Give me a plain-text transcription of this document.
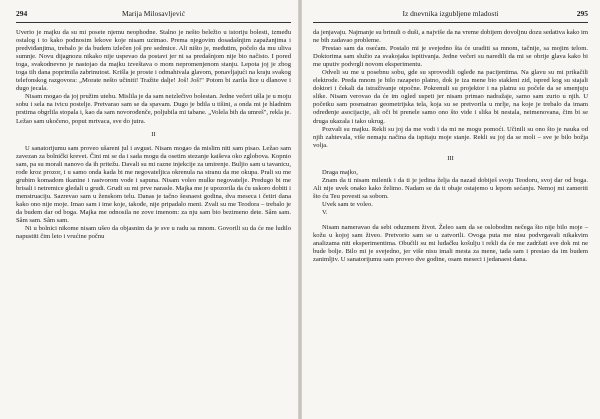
294	Marija Milosavljević

Uverio je majku da su mi posete njemu neophodne. Stalno je nešto beležio u istoriju bolesti, između ostalog i to kako podnosim lekove koje nisam uzimao. Prema njegovim dosadašnjim zapažanjima i predviđanjima, trebalo je da budem izlečen još pre sedmice. Ali ništo je, međutim, počelo da mu uliva sumnje. Novu dijagnozu nikako nije uspevao da postavi jer ni sa predašnjom nije bio načisto. I pored toga, svakodnevno je nastojao da majku izveštava o mom nepromenjenom stanju. Lepota joj je zbog toga tih dana poprimila zabrinutost. Krišla je proste i odmahivala glavom, ponavljajući na kraju svakog telefonskog razgovora: „Morate nešto učiniti! Tražite dalje! Još! Još!" Potom bi zarila lice u dlanove i dugo jecala.

Nisam mogao da joj pružim utehu. Mislila je da sam neizlečivo bolestan. Jedne večeri ušla je u moju sobu i sela na ivicu postelje. Pretvarao sam se da spavam. Dugo je bdila u tišini, a onda mi je hladnim prstima obgrlila stopala i, kao da sam novorođenče, poljubila mi tabane. „Volela bih da umreš", rekla je. Ležao sam ukočeno, poput mrtvaca, sve do jutra.

II

U sanatorijumu sam proveo ušareni jul i avgust. Nisam mogao da mislim niti sam pisao. Ležao sam zavezan za bolnički krevet. Čini mi se da i sada mogu da osetim stezanje kaiševa oko zglobova. Kopnio sam, pa su morali nanovo da ih pritežu. Davali su mi razne injekcije za umirenje. Buljio sam u tavanicu, rođe kroz prozor, i u samo onda kada bi me negovateljica okrenula na stranu da me okupa. Prali su me grubim komadom tkanine i rastvorom vode i sapuna. Nisam voleo mulke negovatelje. Predugo bi me brisali i netremice gledali u grudi. Grudi su mi prve narasle. Majka me je upozorila da ću uskoro dobiti i menstruaciju. Sazrevao sam u ženskom telu. Danas je tačno šesnaest godina, dva meseca i četiri dana kako ono nije moje. Imao sam i ime koje, takođe, nije pripadalo meni. Zvali su me Teodora – trebalo je da budem dar od boga. Majka me odnosila ne zove imenom: za nju sam bio bezimeno dete. Sâm sam. Sâm sam. Sâm sam.

Ni u bolnici nikome nisam ušeo da objasnim da je sve u radu sa mnom. Govorili su da će me ludilo napustiti čim leto i vrućine počnu

Iz dnevnika izgubljene mladosti	295

da jenjavaju. Najmanje su brinuli o duši, a najviše da na vreme dobijem dovoljnu dozu sedativa kako im ne bih zadavao probleme.

Prestao sam da osećam. Postalo mi je svejedno šta će uraditi sa mnom, tačnije, sa mojim telom. Doktorima sam služio za svakojaka ispitivanja. Jedne večeri su naredili da mi se obrije glava kako bi me uputiv podvrgli novom eksperimentu.

Odveli su me u posebnu sobu, gde su sprovodili ogleđe na pacijentima. Na glavu su mi prikačili elektrode. Preda mnom je bilo razapeto platno, dok je iza mene bio stakleni zid, ispred kog su stajali doktori i čekali da istraživanje otpočne. Pokrenuli su projektor i na platnu su počele da se smenjuju slike. Nisam verovao da će im ogled uspeti jer nisam primao nadražaje, samo sam zurio u njih. U početku sam posmatrao geometrijska tela, koja su se pretvorila u mrlje, na koje je trebalo da imam određenje asocijacije, ali oči bi prenele samo ono što vide i slika bi nestala, neimenovana, čim bi se druga ukazala i tako ukrug.

Pozvali su majku. Rekli su joj da me vodi i da mi ne mogu pomoći. Učinili su ono što je nauka od njih zahtevala, više nemaju načina da ispitaju moje stanje. Rekli su joj da se moli – sve je bilo božja volja.

III

Draga majko,

Znam da ti nisam milenik i da ti je jedina želja da nazad dobiješ svoju Teodoru, svoj dar od boga. Ali nije uvek onako kako želimo. Nadam se da ti obaje ostajemo u lepom sećanju. Nemoj mi zameriti što ću Teu povesti sa sobom.

Uvek sam te voleo.

V.

Nisam nameravao da sebi oduzmem život. Želeo sam da se oslobodim nečega što nije bilo moje – kožu u kojoj sam živeo. Pretvorio sam se u zatvorili. Ovoga puta me nisu podvrgavali nikakvim analizama niti eksperimentima. Obučili su mi luđačku košulju i rekli da će me zadržati sve dok mi ne bude bolje. Bilo mi je svejedno, jer više nisu imali mesta za mene, tada sam i prestao da im budem zanimljiv. U sanatorijumu sam proveo dve godine, osam meseci i jedanaest dana.
